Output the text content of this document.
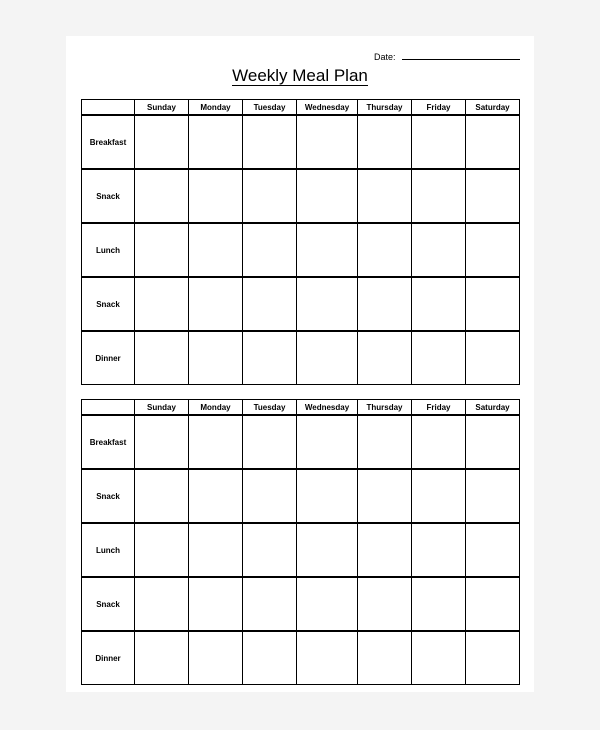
Date:
Weekly Meal Plan
	Sunday	Monday	Tuesday	Wednesday	Thursday	Friday	Saturday
Breakfast							
Snack							
Lunch							
Snack							
Dinner							
	Sunday	Monday	Tuesday	Wednesday	Thursday	Friday	Saturday
Breakfast							
Snack							
Lunch							
Snack							
Dinner							
